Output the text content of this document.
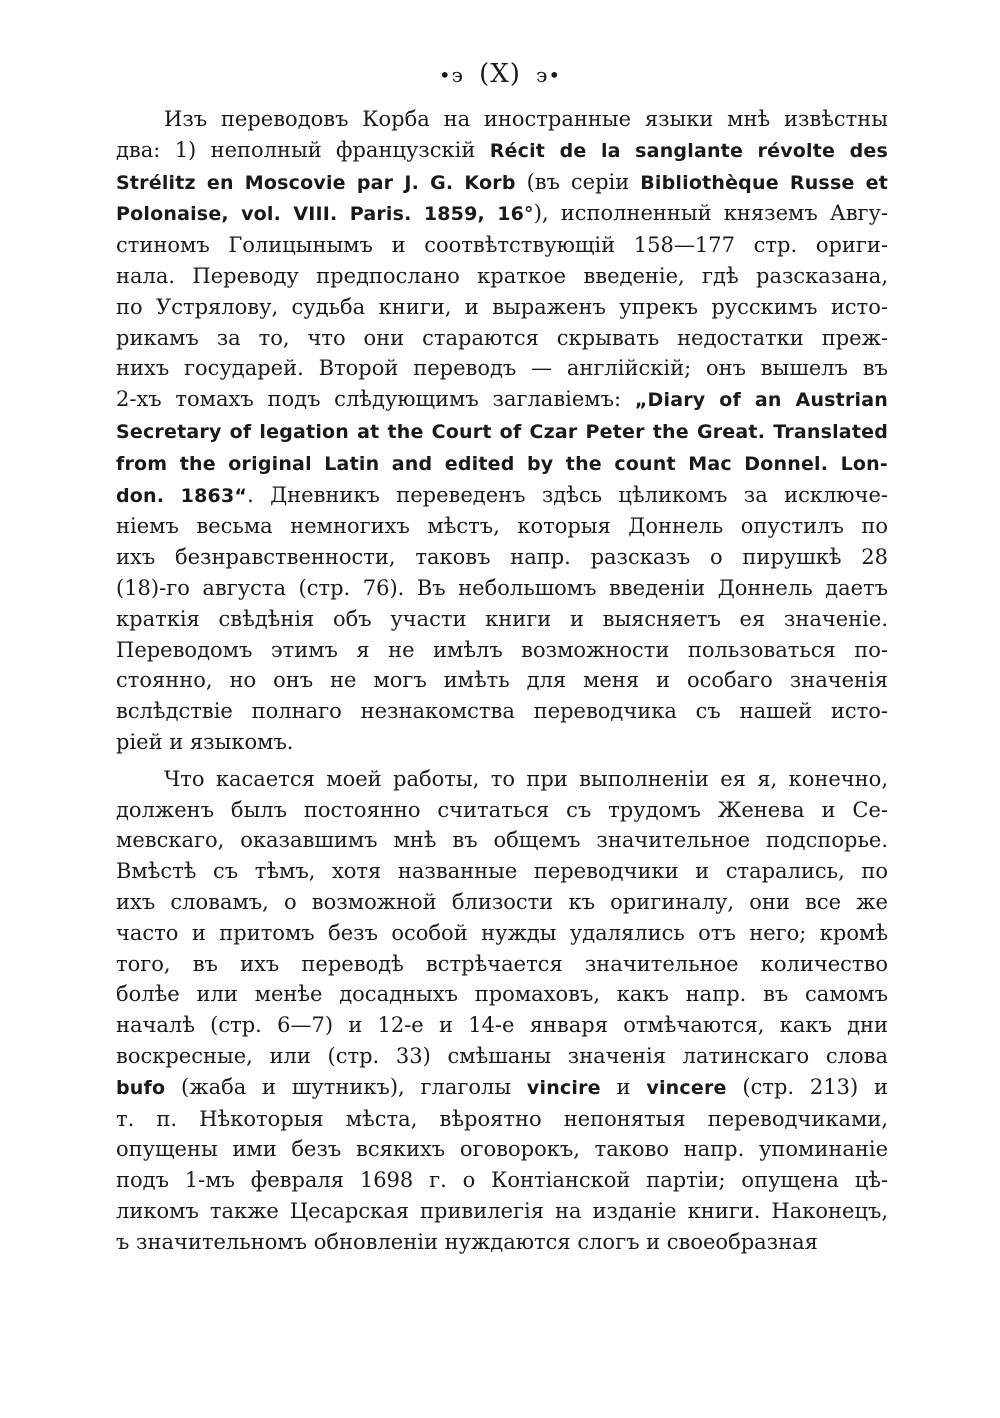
•϶ (X) ϶•
Изъ переводовъ Корба на иностранные языки мнѣ извѣстны
два: 1) неполный французскiй Récit de la sanglante révolte des
Strélitz en Moscovie par J. G. Korb (въ серiи Bibliothèque Russe et
Polonaise, vol. VIII. Paris. 1859, 16°), исполненный княземъ Авгу-
стиномъ Голицынымъ и соотвѣтствующiй 158—177 стр. ориги-
нала. Переводу предпослано краткое введенiе, гдѣ разсказана,
по Устрялову, судьба книги, и выраженъ упрекъ русскимъ исто-
рикамъ за то, что они стараются скрывать недостатки преж-
нихъ государей. Второй переводъ — англiйскiй; онъ вышелъ въ
2-хъ томахъ подъ слѣдующимъ заглавiемъ: „Diary of an Austrian
Secretary of legation at the Court of Czar Peter the Great. Translated
from the original Latin and edited by the count Mac Donnel. Lon-
don. 1863“. Дневникъ переведенъ здѣсь цѣликомъ за исключе-
нiемъ весьма немногихъ мѣстъ, которыя Доннель опустилъ по
ихъ безнравственности, таковъ напр. разсказъ о пирушкѣ 28
(18)-го августа (стр. 76). Въ небольшомъ введенiи Доннель даетъ
краткiя свѣдѣнiя объ участи книги и выясняетъ ея значенiе.
Переводомъ этимъ я не имѣлъ возможности пользоваться по-
стоянно, но онъ не могъ имѣть для меня и особаго значенiя
вслѣдствiе полнаго незнакомства переводчика съ нашей исто-
рiей и языкомъ.
Что касается моей работы, то при выполненiи ея я, конечно,
долженъ былъ постоянно считаться съ трудомъ Женева и Се-
мевскаго, оказавшимъ мнѣ въ общемъ значительное подспорье.
Вмѣстѣ съ тѣмъ, хотя названные переводчики и старались, по
ихъ словамъ, о возможной близости къ оригиналу, они все же
часто и притомъ безъ особой нужды удалялись отъ него; кромѣ
того, въ ихъ переводѣ встрѣчается значительное количество
болѣе или менѣе досадныхъ промаховъ, какъ напр. въ самомъ
началѣ (стр. 6—7) и 12-е и 14-е января отмѣчаются, какъ дни
воскресные, или (стр. 33) смѣшаны значенiя латинскаго слова
bufo (жаба и шутникъ), глаголы vincire и vincere (стр. 213) и
т. п. Нѣкоторыя мѣста, вѣроятно непонятыя переводчиками,
опущены ими безъ всякихъ оговорокъ, таково напр. упоминанiе
подъ 1-мъ февраля 1698 г. о Контiанской партiи; опущена цѣ-
ликомъ также Цесарская привилегiя на изданiе книги. Наконецъ,
ъ значительномъ обновленiи нуждаются слогъ и своеобразная
